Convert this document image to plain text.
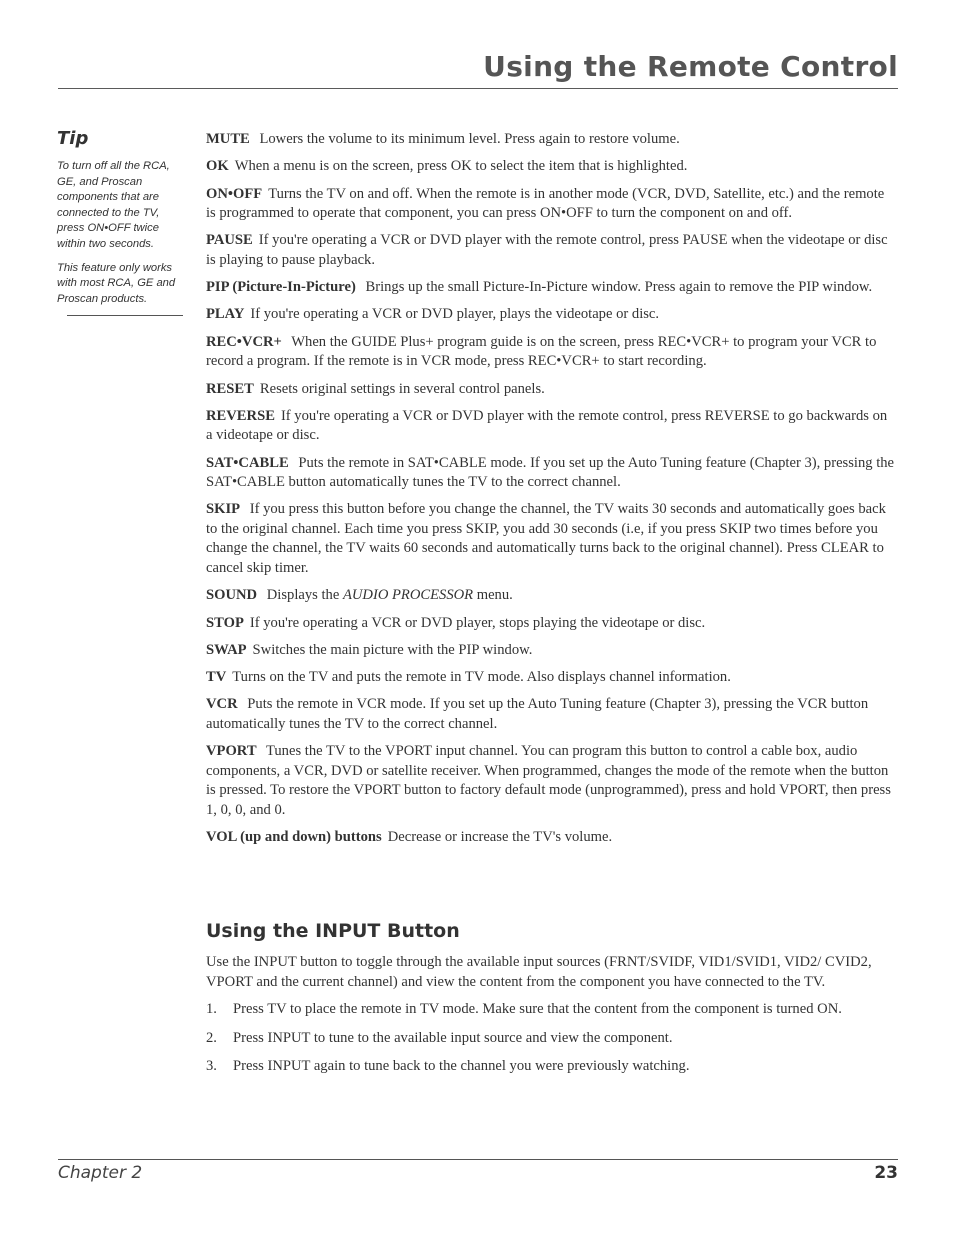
Using the Remote Control
Tip

To turn off all the RCA, GE, and Proscan components that are connected to the TV, press ON•OFF twice within two seconds.

This feature only works with most RCA, GE and Proscan products.

MUTE Lowers the volume to its minimum level. Press again to restore volume.

OK When a menu is on the screen, press OK to select the item that is highlighted.

ON•OFF Turns the TV on and off. When the remote is in another mode (VCR, DVD, Satellite, etc.) and the remote is programmed to operate that component, you can press ON•OFF to turn the component on and off.

PAUSE If you're operating a VCR or DVD player with the remote control, press PAUSE when the videotape or disc is playing to pause playback.

PIP (Picture-In-Picture) Brings up the small Picture-In-Picture window. Press again to remove the PIP window.

PLAY If you're operating a VCR or DVD player, plays the videotape or disc.

REC•VCR+ When the GUIDE Plus+ program guide is on the screen, press REC•VCR+ to program your VCR to record a program. If the remote is in VCR mode, press REC•VCR+ to start recording.

RESET Resets original settings in several control panels.

REVERSE If you're operating a VCR or DVD player with the remote control, press REVERSE to go backwards on a videotape or disc.

SAT•CABLE Puts the remote in SAT•CABLE mode. If you set up the Auto Tuning feature (Chapter 3), pressing the SAT•CABLE button automatically tunes the TV to the correct channel.

SKIP If you press this button before you change the channel, the TV waits 30 seconds and automatically goes back to the original channel. Each time you press SKIP, you add 30 seconds (i.e, if you press SKIP two times before you change the channel, the TV waits 60 seconds and automatically turns back to the original channel). Press CLEAR to cancel skip timer.

SOUND Displays the AUDIO PROCESSOR menu.

STOP If you're operating a VCR or DVD player, stops playing the videotape or disc.

SWAP Switches the main picture with the PIP window.

TV Turns on the TV and puts the remote in TV mode. Also displays channel information.

VCR Puts the remote in VCR mode. If you set up the Auto Tuning feature (Chapter 3), pressing the VCR button automatically tunes the TV to the correct channel.

VPORT Tunes the TV to the VPORT input channel. You can program this button to control a cable box, audio components, a VCR, DVD or satellite receiver. When programmed, changes the mode of the remote when the button is pressed. To restore the VPORT button to factory default mode (unprogrammed), press and hold VPORT, then press 1, 0, 0, and 0.

VOL (up and down) buttons Decrease or increase the TV's volume.

Using the INPUT Button

Use the INPUT button to toggle through the available input sources (FRNT/SVIDF, VID1/SVID1, VID2/ CVID2, VPORT and the current channel) and view the content from the component you have connected to the TV.

1.	Press TV to place the remote in TV mode. Make sure that the content from the component is turned ON.
2.	Press INPUT to tune to the available input source and view the component.
3.	Press INPUT again to tune back to the channel you were previously watching.

Chapter 2	23
